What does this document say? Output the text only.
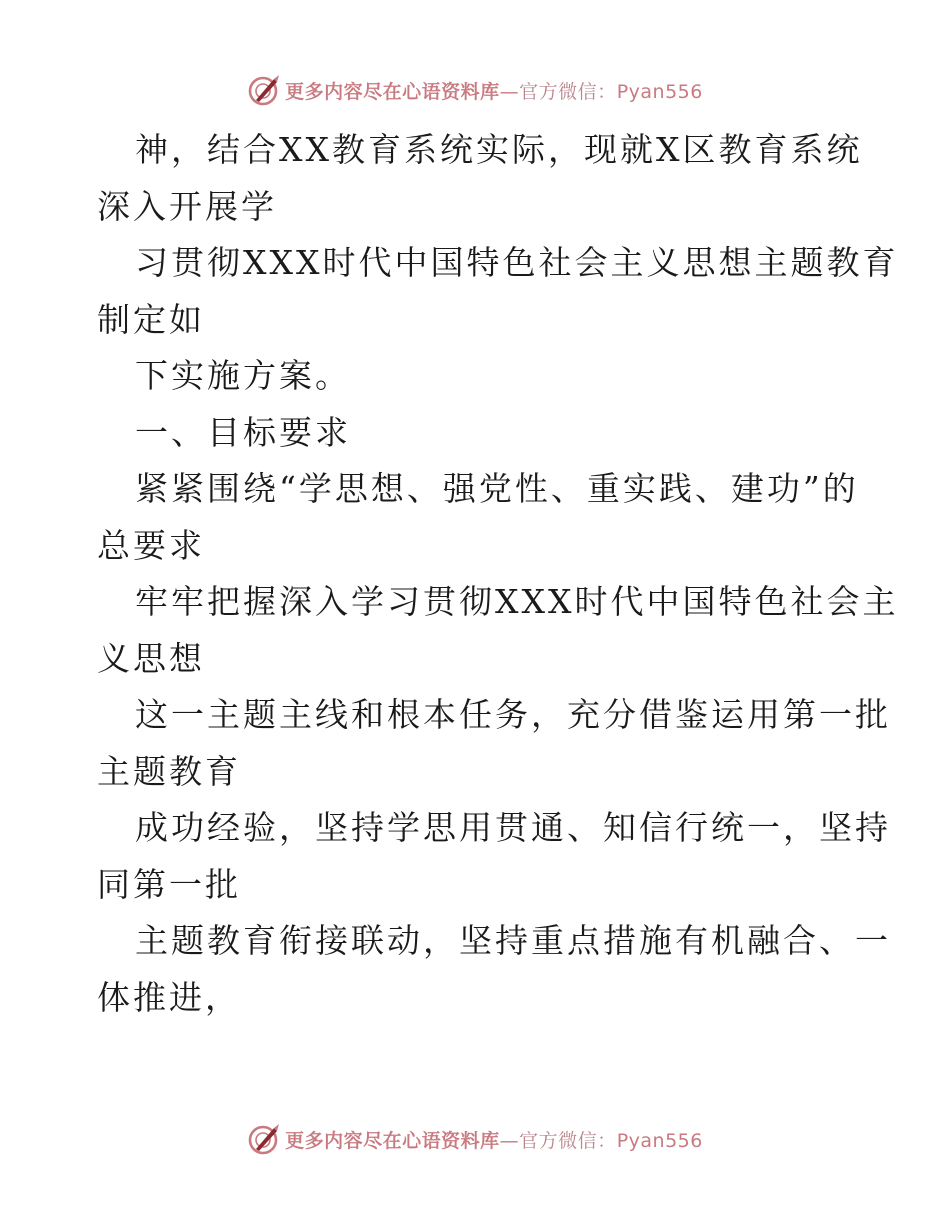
更多内容尽在心语资料库—官方微信：Pyan556

神，结合XX教育系统实际，现就X区教育系统

深入开展学

习贯彻XXX时代中国特色社会主义思想主题教育

制定如

下实施方案。

一、目标要求

紧紧围绕“学思想、强党性、重实践、建功”的

总要求

牢牢把握深入学习贯彻XXX时代中国特色社会主

义思想

这一主题主线和根本任务，充分借鉴运用第一批

主题教育

成功经验，坚持学思用贯通、知信行统一，坚持

同第一批

主题教育衔接联动，坚持重点措施有机融合、一

体推进，

更多内容尽在心语资料库—官方微信：Pyan556
